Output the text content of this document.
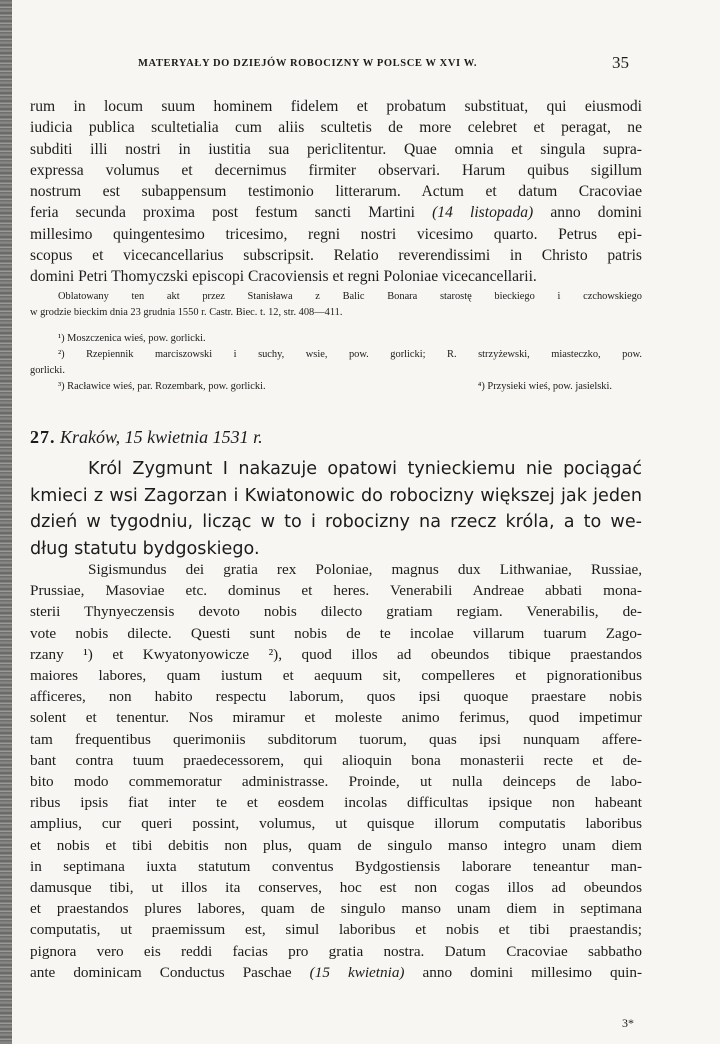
MATERYAŁY DO DZIEJÓW ROBOCIZNY W POLSCE W XVI W.	35
rum in locum suum hominem fidelem et probatum substituat, qui eiusmodi
iudicia publica scultetialia cum aliis scultetis de more celebret et peragat, ne
subditi illi nostri in iustitia sua periclitentur. Quae omnia et singula supra-
expressa volumus et decernimus firmiter observari. Harum quibus sigillum
nostrum est subappensum testimonio litterarum. Actum et datum Cracoviae
feria secunda proxima post festum sancti Martini (14 listopada) anno domini
millesimo quingentesimo tricesimo, regni nostri vicesimo quarto. Petrus epi-
scopus et vicecancellarius subscripsit. Relatio reverendissimi in Christo patris
domini Petri Thomyczski episcopi Cracoviensis et regni Poloniae vicecancellarii.
Oblatowany ten akt przez Stanisława z Balic Bonara starostę bieckiego i czchowskiego
w grodzie bieckim dnia 23 grudnia 1550 r. Castr. Biec. t. 12, str. 408—411.
¹) Moszczenica wieś, pow. gorlicki.
²) Rzepiennik marciszowski i suchy, wsie, pow. gorlicki; R. strzyżewski, miasteczko, pow.
gorlicki.
³) Racławice wieś, par. Rozembark, pow. gorlicki.	⁴) Przysieki wieś, pow. jasielski.
27. Kraków, 15 kwietnia 1531 r.
Król Zygmunt I nakazuje opatowi tynieckiemu nie pociągać
kmieci z wsi Zagorzan i Kwiatonowic do robocizny większej jak jeden
dzień w tygodniu, licząc w to i robocizny na rzecz króla, a to we-
dług statutu bydgoskiego.
Sigismundus dei gratia rex Poloniae, magnus dux Lithwaniae, Russiae,
Prussiae, Masoviae etc. dominus et heres. Venerabili Andreae abbati mona-
sterii Thynyeczensis devoto nobis dilecto gratiam regiam. Venerabilis, de-
vote nobis dilecte. Questi sunt nobis de te incolae villarum tuarum Zago-
rzany ¹) et Kwyatonyowicze ²), quod illos ad obeundos tibique praestandos
maiores labores, quam iustum et aequum sit, compelleres et pignorationibus
afficeres, non habito respectu laborum, quos ipsi quoque praestare nobis
solent et tenentur. Nos miramur et moleste animo ferimus, quod impetimur
tam frequentibus querimoniis subditorum tuorum, quas ipsi nunquam affere-
bant contra tuum praedecessorem, qui alioquin bona monasterii recte et de-
bito modo commemoratur administrasse. Proinde, ut nulla deinceps de labo-
ribus ipsis fiat inter te et eosdem incolas difficultas ipsique non habeant
amplius, cur queri possint, volumus, ut quisque illorum computatis laboribus
et nobis et tibi debitis non plus, quam de singulo manso integro unam diem
in septimana iuxta statutum conventus Bydgostiensis laborare teneantur man-
damusque tibi, ut illos ita conserves, hoc est non cogas illos ad obeundos
et praestandos plures labores, quam de singulo manso unam diem in septimana
computatis, ut praemissum est, simul laboribus et nobis et tibi praestandis;
pignora vero eis reddi facias pro gratia nostra. Datum Cracoviae sabbatho
ante dominicam Conductus Paschae (15 kwietnia) anno domini millesimo quin-
3*
